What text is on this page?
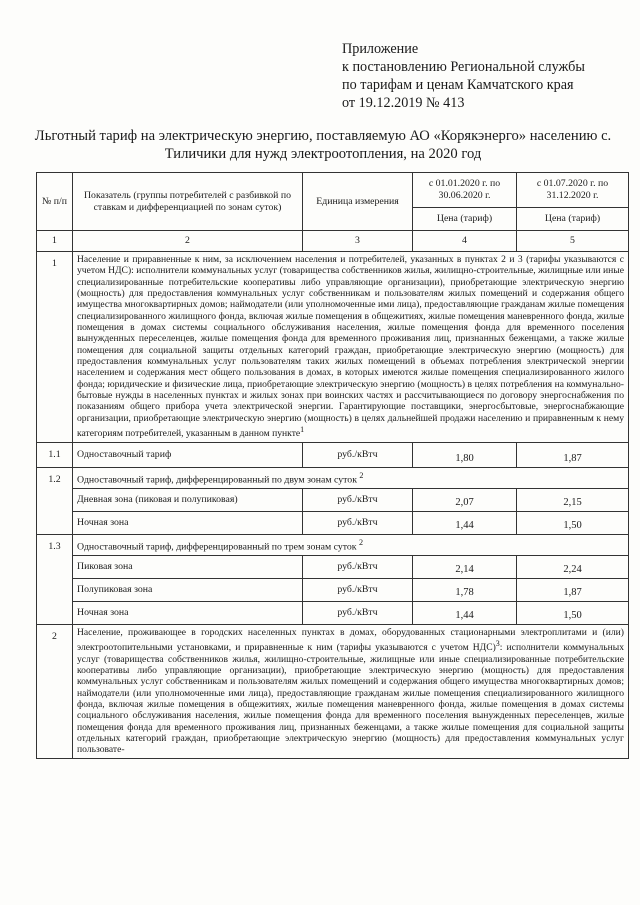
Приложение
к постановлению Региональной службы
по тарифам и ценам Камчатского края
от 19.12.2019 № 413
Льготный тариф на электрическую энергию, поставляемую АО «Корякэнерго» населению с. Тиличики для нужд электроотопления, на 2020 год
№ п/п	Показатель (группы потребителей с разбивкой по ставкам и дифференциацией по зонам суток)	Единица измерения	с 01.01.2020 г. по 30.06.2020 г.	с 01.07.2020 г. по 31.12.2020 г.
			Цена (тариф)	Цена (тариф)
1	2	3	4	5
1	Население и приравненные к ним, за исключением населения и потребителей, указанных в пунктах 2 и 3 (тарифы указываются с учетом НДС): исполнители коммунальных услуг (товарищества собственников жилья, жилищно-строительные, жилищные или иные специализированные потребительские кооперативы либо управляющие организации), приобретающие электрическую энергию (мощность) для предоставления коммунальных услуг собственникам и пользователям жилых помещений и содержания общего имущества многоквартирных домов; наймодатели (или уполномоченные ими лица), предоставляющие гражданам жилые помещения специализированного жилищного фонда, включая жилые помещения в общежитиях, жилые помещения маневренного фонда, жилые помещения в домах системы социального обслуживания населения, жилые помещения фонда для временного поселения вынужденных переселенцев, жилые помещения фонда для временного проживания лиц, признанных беженцами, а также жилые помещения для социальной защиты отдельных категорий граждан, приобретающие электрическую энергию (мощность) для предоставления коммунальных услуг пользователям таких жилых помещений в объемах потребления электрической энергии населением и содержания мест общего пользования в домах, в которых имеются жилые помещения специализированного жилого фонда; юридические и физические лица, приобретающие электрическую энергию (мощность) в целях потребления на коммунально-бытовые нужды в населенных пунктах и жилых зонах при воинских частях и рассчитывающиеся по договору энергоснабжения по показаниям общего прибора учета электрической энергии. Гарантирующие поставщики, энергосбытовые, энергоснабжающие организации, приобретающие электрическую энергию (мощность) в целях дальнейшей продажи населению и приравненным к нему категориям потребителей, указанным в данном пункте$^1$
1.1	Одноставочный тариф	руб./кВтч	1,80	1,87
1.2	Одноставочный тариф, дифференцированный по двум зонам суток $^2$
	Дневная зона (пиковая и полупиковая)	руб./кВтч	2,07	2,15
	Ночная зона	руб./кВтч	1,44	1,50
1.3	Одноставочный тариф, дифференцированный по трем зонам суток $^2$
	Пиковая зона	руб./кВтч	2,14	2,24
	Полупиковая зона	руб./кВтч	1,78	1,87
	Ночная зона	руб./кВтч	1,44	1,50
2	Население, проживающее в городских населенных пунктах в домах, оборудованных стационарными электроплитами и (или) электроотопительными установками, и приравненные к ним (тарифы указываются с учетом НДС)$^3$: исполнители коммунальных услуг (товарищества собственников жилья, жилищно-строительные, жилищные или иные специализированные потребительские кооперативы либо управляющие организации), приобретающие электрическую энергию (мощность) для предоставления коммунальных услуг собственникам и пользователям жилых помещений и содержания общего имущества многоквартирных домов; наймодатели (или уполномоченные ими лица), предоставляющие гражданам жилые помещения специализированного жилищного фонда, включая жилые помещения в общежитиях, жилые помещения маневренного фонда, жилые помещения в домах системы социального обслуживания населения, жилые помещения фонда для временного поселения вынужденных переселенцев, жилые помещения фонда для временного проживания лиц, признанных беженцами, а также жилые помещения для социальной защиты отдельных категорий граждан, приобретающие электрическую энергию (мощность) для предоставления коммунальных услуг пользовате-			
